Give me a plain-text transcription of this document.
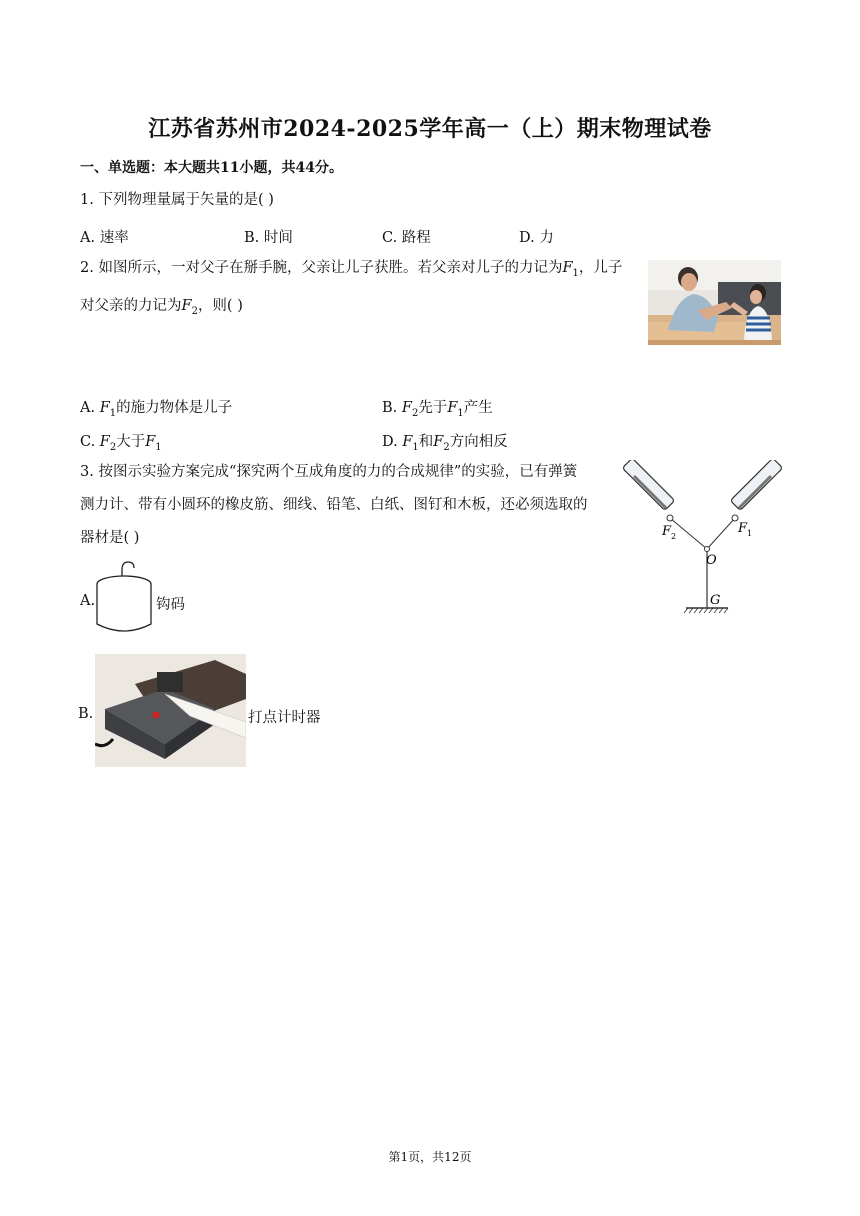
江苏省苏州市2024-2025学年高一（上）期末物理试卷
一、单选题：本大题共11小题，共44分。
1. 下列物理量属于矢量的是( )
A. 速率	B. 时间	C. 路程	D. 力
2. 如图所示，一对父子在掰手腕，父亲让儿子获胜。若父亲对儿子的力记为$F_1$，儿子
对父亲的力记为$F_2$，则( )
A. $F_1$的施力物体是儿子	B. $F_2$先于$F_1$产生
C. $F_2$大于$F_1$	D. $F_1$和$F_2$方向相反
3. 按图示实验方案完成“探究两个互成角度的力的合成规律”的实验，已有弹簧
测力计、带有小圆环的橡皮筋、细线、铅笔、白纸、图钉和木板，还必须选取的
器材是( )	F 2
F 1
O
G
A.	钩码
B.	打点计时器
第1页，共12页
